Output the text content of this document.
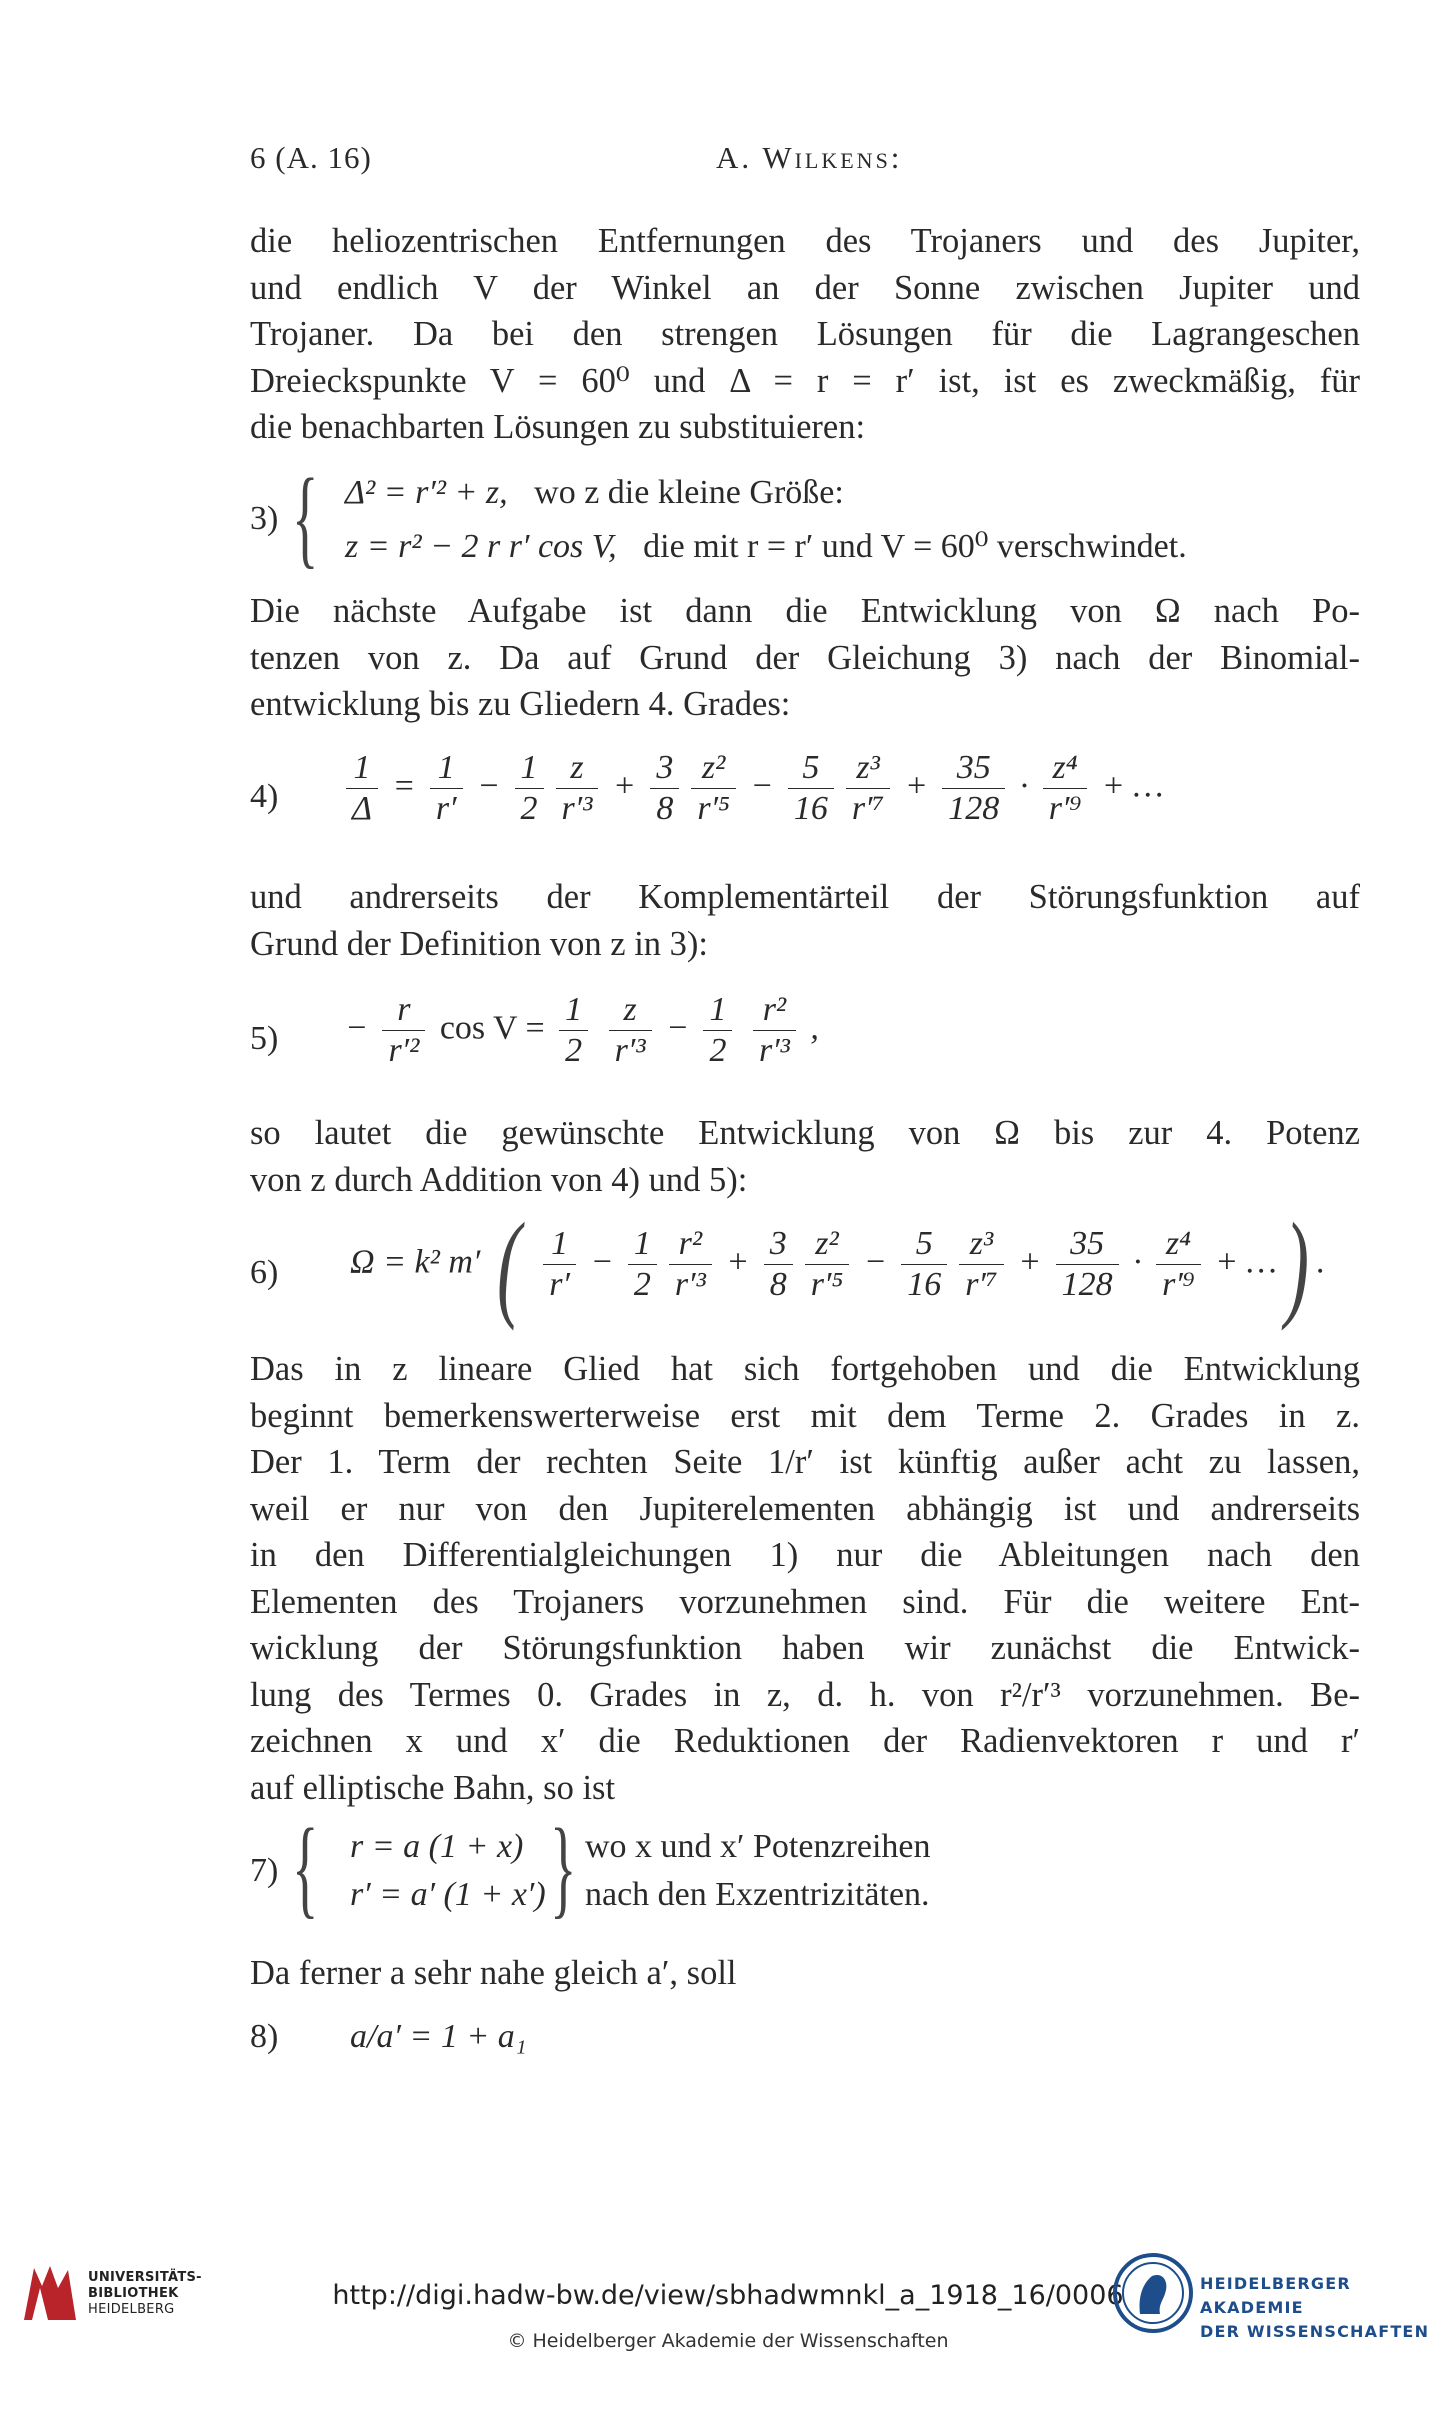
6 (A. 16)	A. Wilkens:
die heliozentrischen Entfernungen des Trojaners und des Jupiter,
und endlich V der Winkel an der Sonne zwischen Jupiter und
Trojaner. Da bei den strengen Lösungen für die Lagrangeschen
Dreieckspunkte V = 60⁰ und Δ = r = r′ ist, ist es zweckmäßig, für
die benachbarten Lösungen zu substituieren:
3) { Δ² = r′² + z, wo z die kleine Größe:
z = r² − 2 r r′ cos V, die mit r = r′ und V = 60⁰ verschwindet.
Die nächste Aufgabe ist dann die Entwicklung von Ω nach Po-
tenzen von z. Da auf Grund der Gleichung 3) nach der Binomial-
entwicklung bis zu Gliedern 4. Grades:
$4) \frac{1}{\Delta} = \frac{1}{r'} - \frac{1}{2} \frac{z}{\text{r′³}} + \frac{3}{8} \frac{\text{z²}}{\text{r′⁵}} - \frac{5}{16} \frac{\text{z³}}{\text{r′⁷}} + \frac{35}{128} \cdot \frac{\text{z⁴}}{\text{r′⁹}}$ + …
und andrerseits der Komplementärteil der Störungsfunktion auf
Grund der Definition von z in 3):
$5) - \frac{r}{\text{r′²}}$ $\cos V = \frac{1}{2}$
$\frac{z}{\text{r′³}} - \frac{1}{2}$
$\frac{\text{r²}}{\text{r′³}}$ ,
so lautet die gewünschte Entwicklung von Ω bis zur 4. Potenz
von z durch Addition von 4) und 5):
6) Ω = k² m′ ( $\frac{1}{r'} - \frac{1}{2} \frac{\text{r²}}{\text{r′³}} + \frac{3}{8} \frac{\text{z²}}{\text{r′⁵}} - \frac{5}{16} \frac{\text{z³}}{\text{r′⁷}} + \frac{35}{128} \cdot \frac{\text{z⁴}}{\text{r′⁹}}$ + …) .
Das in z lineare Glied hat sich fortgehoben und die Entwicklung
beginnt bemerkenswerterweise erst mit dem Terme 2. Grades in z.
Der 1. Term der rechten Seite 1/r′ ist künftig außer acht zu lassen,
weil er nur von den Jupiterelementen abhängig ist und andrerseits
in den Differentialgleichungen 1) nur die Ableitungen nach den
Elementen des Trojaners vorzunehmen sind. Für die weitere Ent-
wicklung der Störungsfunktion haben wir zunächst die Entwick-
lung des Termes 0. Grades in z, d. h. von r²/r′³ vorzunehmen. Be-
zeichnen x und x′ die Reduktionen der Radienvektoren r und r′
auf elliptische Bahn, so ist
7) { r = a (1 + x)
r′ = a′ (1 + x′) } wo x und x′ Potenzreihen
nach den Exzentrizitäten.
Da ferner a sehr nahe gleich a′, soll
8) a/a′ = 1 + a₁
UNIVERSITÄTS-
BIBLIOTHEK
HEIDELBERG	http://digi.hadw-bw.de/view/sbhadwmnkl_a_1918_16/0006
© Heidelberger Akademie der Wissenschaften
HEIDELBERGER AKADEMIE
DER WISSENSCHAFTEN
